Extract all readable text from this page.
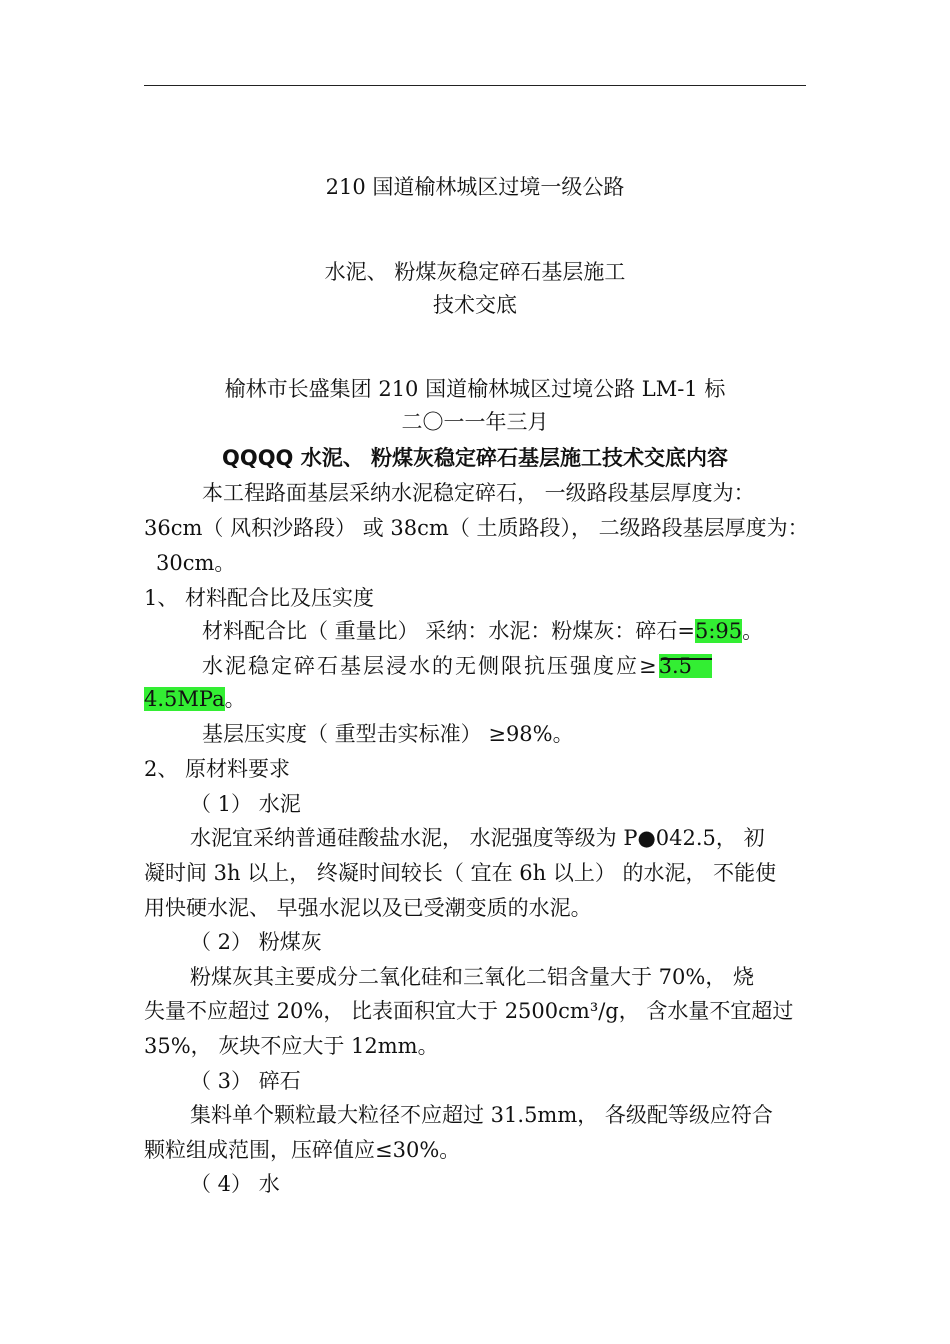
210 国道榆林城区过境一级公路
水泥、 粉煤灰稳定碎石基层施工
技术交底
榆林市长盛集团 210 国道榆林城区过境公路 LM-1 标
二〇一一年三月
QQQQ 水泥、 粉煤灰稳定碎石基层施工技术交底内容
本工程路面基层采纳水泥稳定碎石， 一级路段基层厚度为：
36cm（ 风积沙路段） 或 38cm（ 土质路段）， 二级路段基层厚度为：
30cm。
1、 材料配合比及压实度
材料配合比（ 重量比） 采纳：水泥：粉煤灰：碎石=5:95。
水泥稳定碎石基层浸水的无侧限抗压强度应≥3.5
4.5MPa。
基层压实度（ 重型击实标准） ≥98%。
2、 原材料要求
（ 1） 水泥
水泥宜采纳普通硅酸盐水泥， 水泥强度等级为 P●042.5， 初
凝时间 3h 以上， 终凝时间较长（ 宜在 6h 以上） 的水泥， 不能使
用快硬水泥、 早强水泥以及已受潮变质的水泥。
（ 2） 粉煤灰
粉煤灰其主要成分二氧化硅和三氧化二铝含量大于 70%， 烧
失量不应超过 20%， 比表面积宜大于 2500cm³/g， 含水量不宜超过
35%， 灰块不应大于 12mm。
（ 3） 碎石
集料单个颗粒最大粒径不应超过 31.5mm， 各级配等级应符合
颗粒组成范围，压碎值应≤30%。
（ 4） 水
